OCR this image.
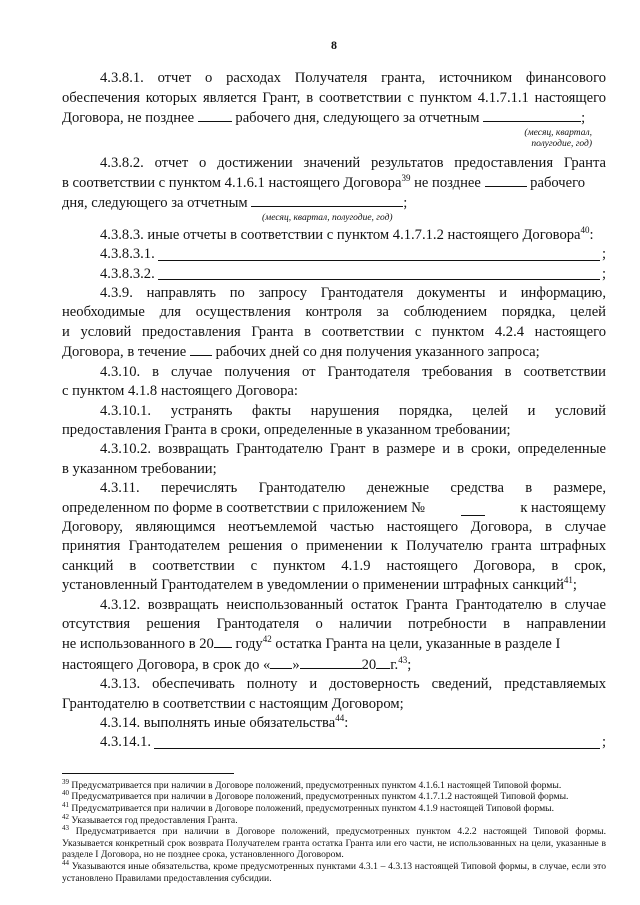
8

4.3.8.1. отчет о расходах Получателя гранта, источником финансового

обеспечения которых является Грант, в соответствии с пунктом 4.1.7.1.1 настоящего

Договора, не позднее	рабочего дня, следующего за отчетным	;

(месяц, квартал,
полугодие, год)

4.3.8.2. отчет о достижении значений результатов предоставления Гранта

в соответствии с пунктом 4.1.6.1 настоящего Договора$^{39}$ не позднее	рабочего

дня, следующего за отчетным	;

(месяц, квартал, полугодие, год)

4.3.8.3. иные отчеты в соответствии с пунктом 4.1.7.1.2 настоящего Договора$^{40}$:

4.3.8.3.1.	;
4.3.8.3.2.	;

4.3.9. направлять по запросу Грантодателя документы и информацию,

необходимые для осуществления контроля за соблюдением порядка, целей

и условий предоставления Гранта в соответствии с пунктом 4.2.4 настоящего

Договора, в течение рабочих дней со дня получения указанного запроса;

4.3.10. в случае получения от Грантодателя требования в соответствии

с пунктом 4.1.8 настоящего Договора:

4.3.10.1. устранять факты нарушения порядка, целей и условий

предоставления Гранта в сроки, определенные в указанном требовании;

4.3.10.2. возвращать Грантодателю Грант в размере и в сроки, определенные

в указанном требовании;

4.3.11. перечислять Грантодателю денежные средства в размере,

определенном по форме в соответствии с приложением №	к настоящему

Договору, являющимся неотъемлемой частью настоящего Договора, в случае

принятия Грантодателем решения о применении к Получателю гранта штрафных

санкций в соответствии с пунктом 4.1.9 настоящего Договора, в срок,

установленный Грантодателем в уведомлении о применении штрафных санкций$^{41}$;

4.3.12. возвращать неиспользованный остаток Гранта Грантодателю в случае

отсутствия решения Грантодателя о наличии потребности в направлении

не использованного в 20 году$^{42}$ остатка Гранта на цели, указанные в разделе I

настоящего Договора, в срок до « »	20 г.$^{43}$;

4.3.13. обеспечивать полноту и достоверность сведений, представляемых

Грантодателю в соответствии с настоящим Договором;

4.3.14. выполнять иные обязательства$^{44}$:

4.3.14.1.	;

$^{39}$ Предусматривается при наличии в Договоре положений, предусмотренных пунктом 4.1.6.1 настоящей Типовой формы.

$^{40}$ Предусматривается при наличии в Договоре положений, предусмотренных пунктом 4.1.7.1.2 настоящей Типовой формы.

$^{41}$ Предусматривается при наличии в Договоре положений, предусмотренных пунктом 4.1.9 настоящей Типовой формы.

$^{42}$ Указывается год предоставления Гранта.

$^{43}$ Предусматривается при наличии в Договоре положений, предусмотренных пунктом 4.2.2 настоящей Типовой формы. Указывается конкретный срок возврата Получателем гранта остатка Гранта или его части, не использованных на цели, указанные в разделе I Договора, но не позднее срока, установленного Договором.

$^{44}$ Указываются иные обязательства, кроме предусмотренных пунктами 4.3.1 – 4.3.13 настоящей Типовой формы, в случае, если это установлено Правилами предоставления субсидии.
